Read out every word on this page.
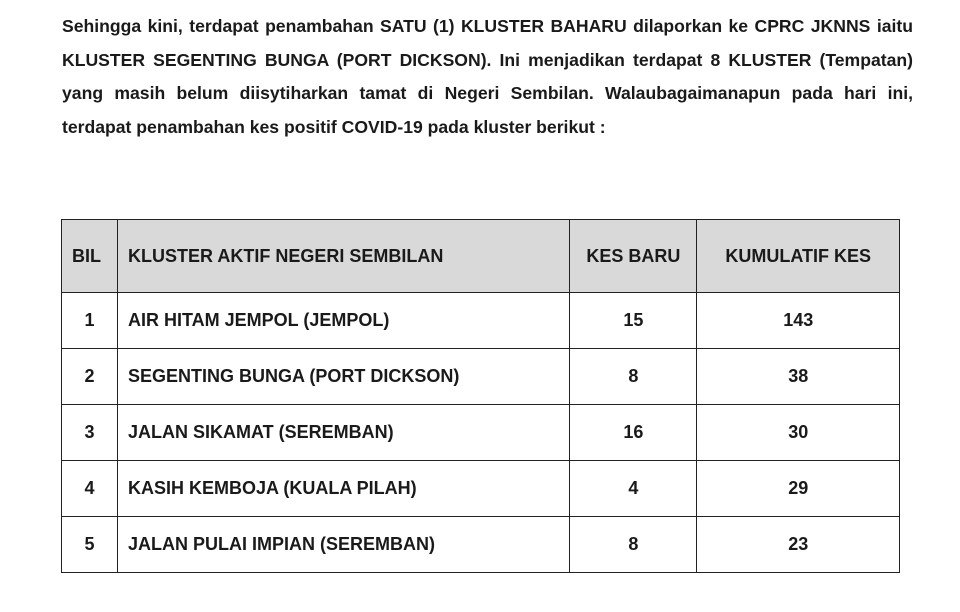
Sehingga kini, terdapat penambahan SATU (1) KLUSTER BAHARU dilaporkan ke CPRC JKNNS iaitu KLUSTER SEGENTING BUNGA (PORT DICKSON). Ini menjadikan terdapat 8 KLUSTER (Tempatan) yang masih belum diisytiharkan tamat di Negeri Sembilan. Walaubagaimanapun pada hari ini, terdapat penambahan kes positif COVID-19 pada kluster berikut :

BIL	KLUSTER AKTIF NEGERI SEMBILAN	KES BARU	KUMULATIF KES
1	AIR HITAM JEMPOL (JEMPOL)	15	143
2	SEGENTING BUNGA (PORT DICKSON)	8	38
3	JALAN SIKAMAT (SEREMBAN)	16	30
4	KASIH KEMBOJA (KUALA PILAH)	4	29
5	JALAN PULAI IMPIAN (SEREMBAN)	8	23
